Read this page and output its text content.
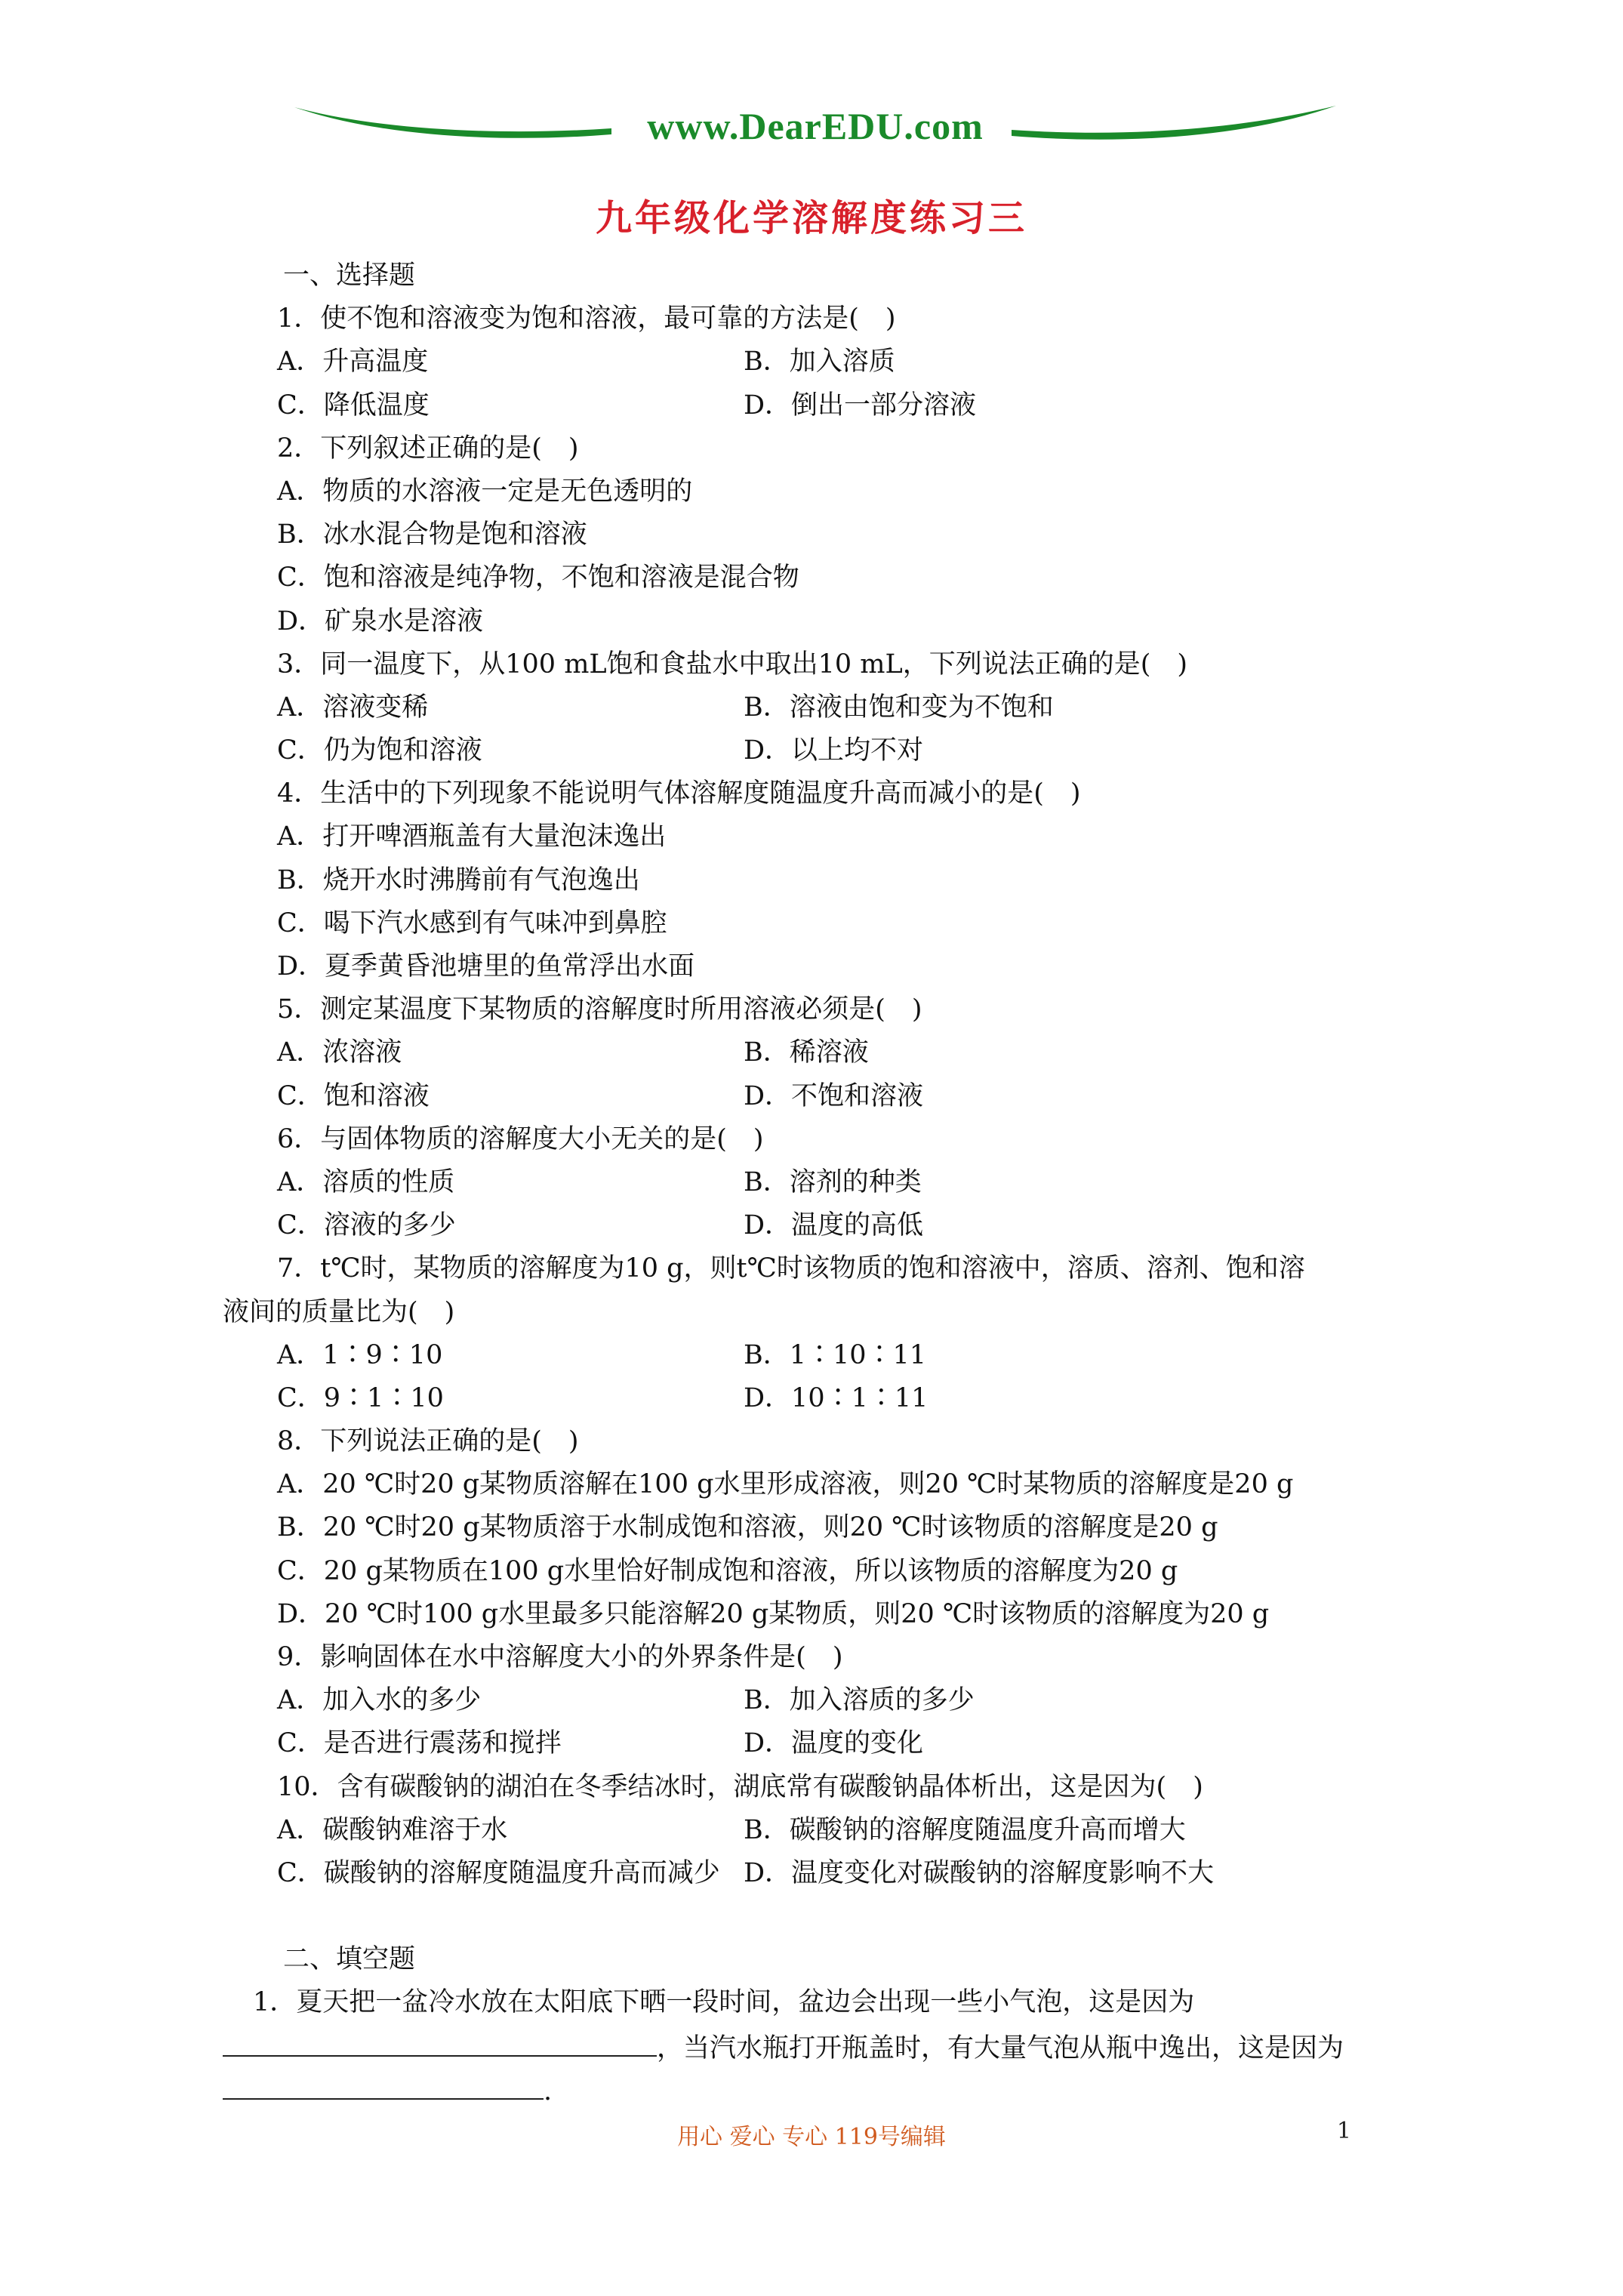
www.DearEDU.com
九年级化学溶解度练习三
一、选择题
1．使不饱和溶液变为饱和溶液，最可靠的方法是(　)
A．升高温度	B．加入溶质
C．降低温度	D．倒出一部分溶液
2．下列叙述正确的是(　)
A．物质的水溶液一定是无色透明的
B．冰水混合物是饱和溶液
C．饱和溶液是纯净物，不饱和溶液是混合物
D．矿泉水是溶液
3．同一温度下，从100 mL饱和食盐水中取出10 mL，下列说法正确的是(　)
A．溶液变稀	B．溶液由饱和变为不饱和
C．仍为饱和溶液	D．以上均不对
4．生活中的下列现象不能说明气体溶解度随温度升高而减小的是(　)
A．打开啤酒瓶盖有大量泡沫逸出
B．烧开水时沸腾前有气泡逸出
C．喝下汽水感到有气味冲到鼻腔
D．夏季黄昏池塘里的鱼常浮出水面
5．测定某温度下某物质的溶解度时所用溶液必须是(　)
A．浓溶液	B．稀溶液
C．饱和溶液	D．不饱和溶液
6．与固体物质的溶解度大小无关的是(　)
A．溶质的性质	B．溶剂的种类
C．溶液的多少	D．温度的高低
7．t℃时，某物质的溶解度为10 g，则t℃时该物质的饱和溶液中，溶质、溶剂、饱和溶
液间的质量比为(　)
A．1∶9∶10	B．1∶10∶11
C．9∶1∶10	D．10∶1∶11
8．下列说法正确的是(　)
A．20 ℃时20 g某物质溶解在100 g水里形成溶液，则20 ℃时某物质的溶解度是20 g
B．20 ℃时20 g某物质溶于水制成饱和溶液，则20 ℃时该物质的溶解度是20 g
C．20 g某物质在100 g水里恰好制成饱和溶液，所以该物质的溶解度为20 g
D．20 ℃时100 g水里最多只能溶解20 g某物质，则20 ℃时该物质的溶解度为20 g
9．影响固体在水中溶解度大小的外界条件是(　)
A．加入水的多少	B．加入溶质的多少
C．是否进行震荡和搅拌	D．温度的变化
10．含有碳酸钠的湖泊在冬季结冰时，湖底常有碳酸钠晶体析出，这是因为(　)
A．碳酸钠难溶于水	B．碳酸钠的溶解度随温度升高而增大
C．碳酸钠的溶解度随温度升高而减少 D．温度变化对碳酸钠的溶解度影响不大
二、填空题
1．夏天把一盆冷水放在太阳底下晒一段时间，盆边会出现一些小气泡，这是因为
，当汽水瓶打开瓶盖时，有大量气泡从瓶中逸出，这是因为
.
用心 爱心 专心 119号编辑	1
